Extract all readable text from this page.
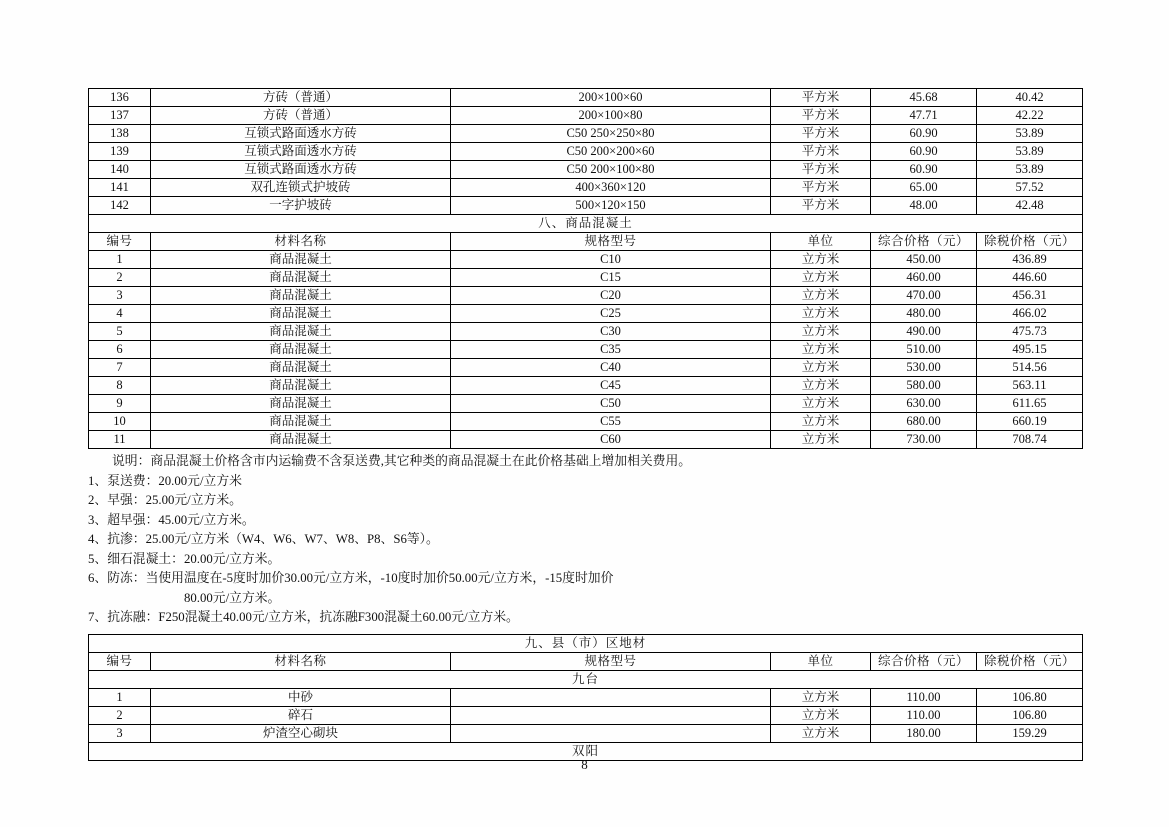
136	方砖（普通）	200×100×60	平方米	45.68	40.42
137	方砖（普通）	200×100×80	平方米	47.71	42.22
138	互锁式路面透水方砖	C50 250×250×80	平方米	60.90	53.89
139	互锁式路面透水方砖	C50 200×200×60	平方米	60.90	53.89
140	互锁式路面透水方砖	C50 200×100×80	平方米	60.90	53.89
141	双孔连锁式护坡砖	400×360×120	平方米	65.00	57.52
142	一字护坡砖	500×120×150	平方米	48.00	42.48
八、商品混凝土					
编号	材料名称	规格型号	单位	综合价格（元）	除税价格（元）
1	商品混凝土	C10	立方米	450.00	436.89
2	商品混凝土	C15	立方米	460.00	446.60
3	商品混凝土	C20	立方米	470.00	456.31
4	商品混凝土	C25	立方米	480.00	466.02
5	商品混凝土	C30	立方米	490.00	475.73
6	商品混凝土	C35	立方米	510.00	495.15
7	商品混凝土	C40	立方米	530.00	514.56
8	商品混凝土	C45	立方米	580.00	563.11
9	商品混凝土	C50	立方米	630.00	611.65
10	商品混凝土	C55	立方米	680.00	660.19
11	商品混凝土	C60	立方米	730.00	708.74
说明：商品混凝土价格含市内运输费不含泵送费,其它种类的商品混凝土在此价格基础上增加相关费用。
1、泵送费：20.00元/立方米
2、早强：25.00元/立方米。
3、超早强：45.00元/立方米。
4、抗渗：25.00元/立方米（W4、W6、W7、W8、P8、S6等）。
5、细石混凝土：20.00元/立方米。
6、防冻：当使用温度在-5度时加价30.00元/立方米，-10度时加价50.00元/立方米，-15度时加价
80.00元/立方米。
7、抗冻融：F250混凝土40.00元/立方米，抗冻融F300混凝土60.00元/立方米。
九、县（市）区地材					
编号	材料名称	规格型号	单位	综合价格（元）	除税价格（元）
九台					
1	中砂		立方米	110.00	106.80
2	碎石		立方米	110.00	106.80
3	炉渣空心砌块		立方米	180.00	159.29
双阳					
8
